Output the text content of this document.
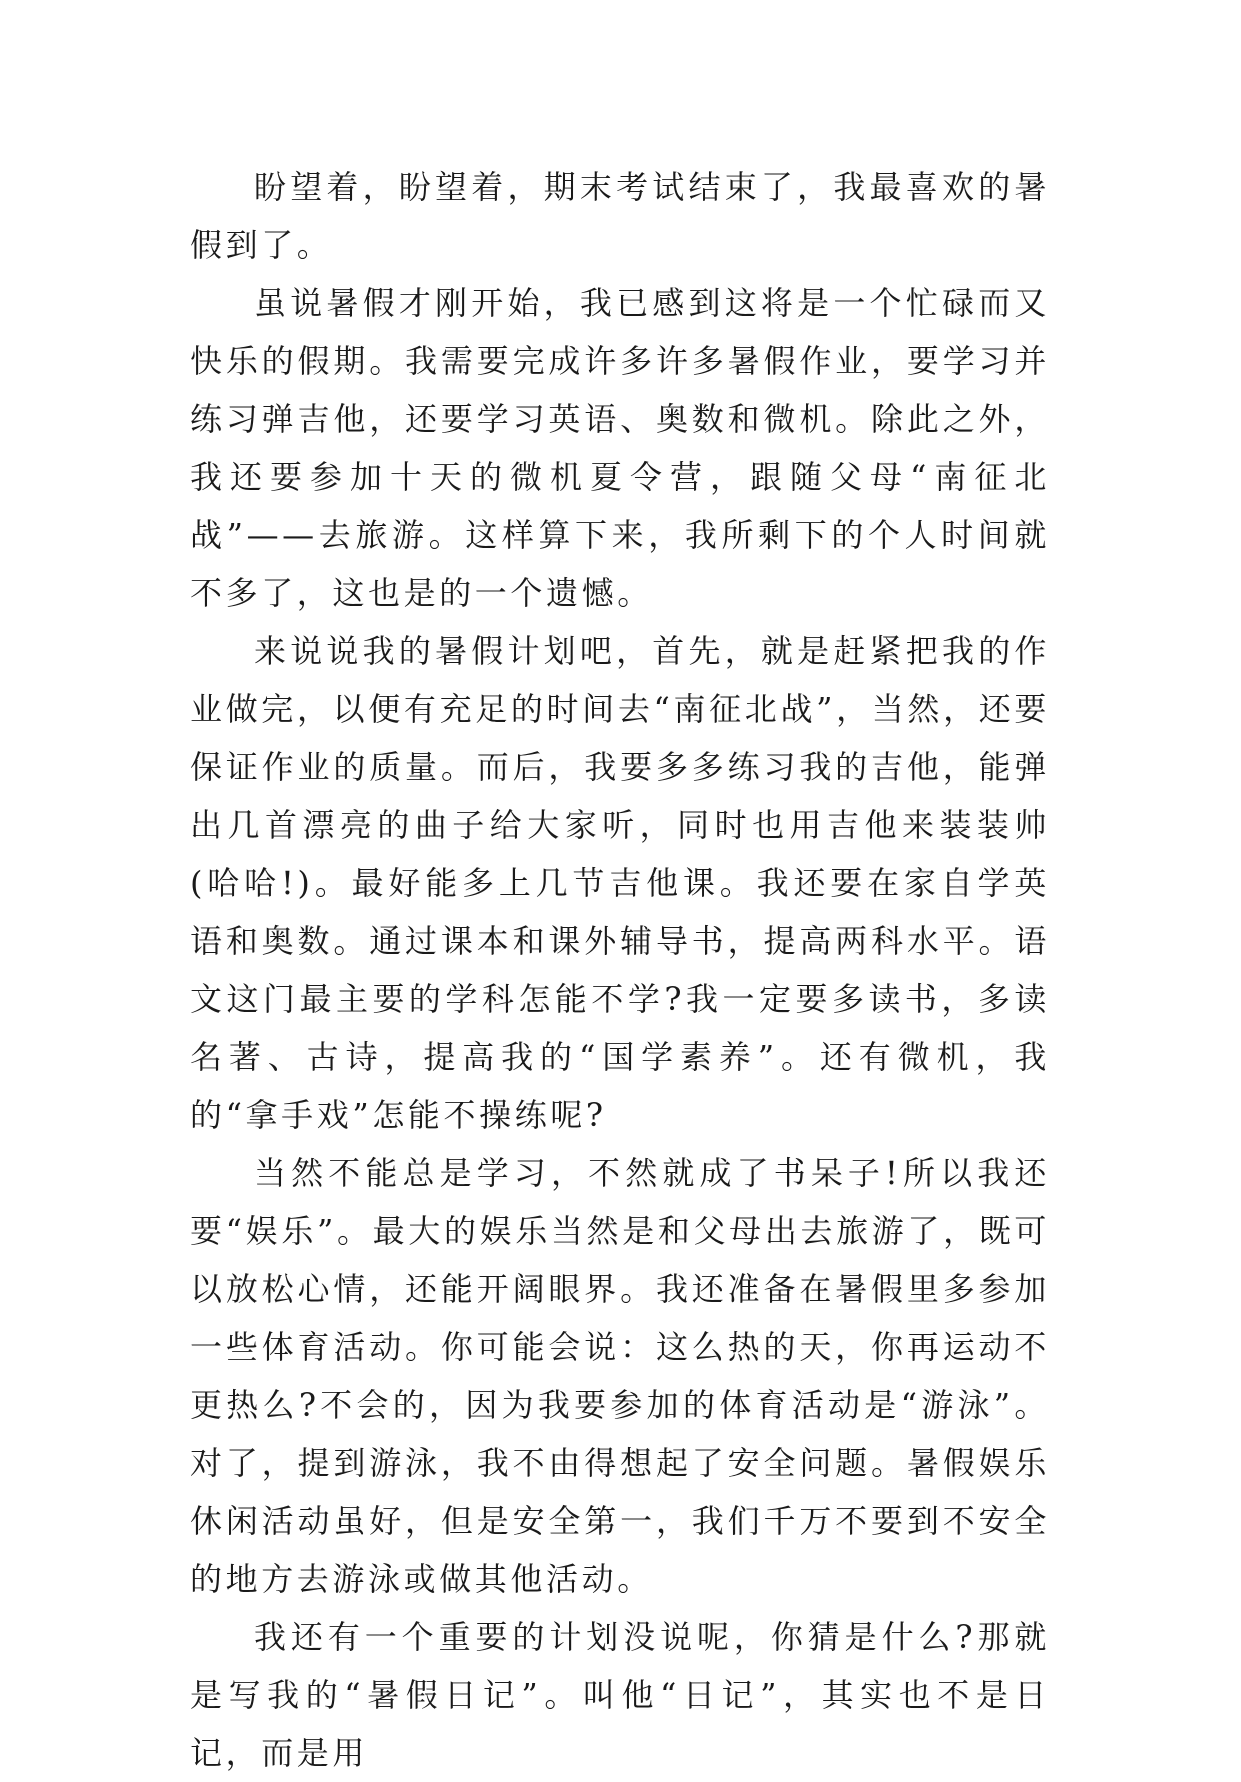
盼望着，盼望着，期末考试结束了，我最喜欢的暑假到了。

虽说暑假才刚开始，我已感到这将是一个忙碌而又快乐的假期。我需要完成许多许多暑假作业，要学习并练习弹吉他，还要学习英语、奥数和微机。除此之外，我还要参加十天的微机夏令营，跟随父母“南征北战”——去旅游。这样算下来，我所剩下的个人时间就不多了，这也是的一个遗憾。

来说说我的暑假计划吧，首先，就是赶紧把我的作业做完，以便有充足的时间去“南征北战”，当然，还要保证作业的质量。而后，我要多多练习我的吉他，能弹出几首漂亮的曲子给大家听，同时也用吉他来装装帅(哈哈!)。最好能多上几节吉他课。我还要在家自学英语和奥数。通过课本和课外辅导书，提高两科水平。语文这门最主要的学科怎能不学?我一定要多读书，多读名著、古诗，提高我的“国学素养”。还有微机，我的“拿手戏”怎能不操练呢?

当然不能总是学习，不然就成了书呆子!所以我还要“娱乐”。最大的娱乐当然是和父母出去旅游了，既可以放松心情，还能开阔眼界。我还准备在暑假里多参加一些体育活动。你可能会说：这么热的天，你再运动不更热么?不会的，因为我要参加的体育活动是“游泳”。对了，提到游泳，我不由得想起了安全问题。暑假娱乐休闲活动虽好，但是安全第一，我们千万不要到不安全的地方去游泳或做其他活动。

我还有一个重要的计划没说呢，你猜是什么?那就是写我的“暑假日记”。叫他“日记”，其实也不是日记，而是用
